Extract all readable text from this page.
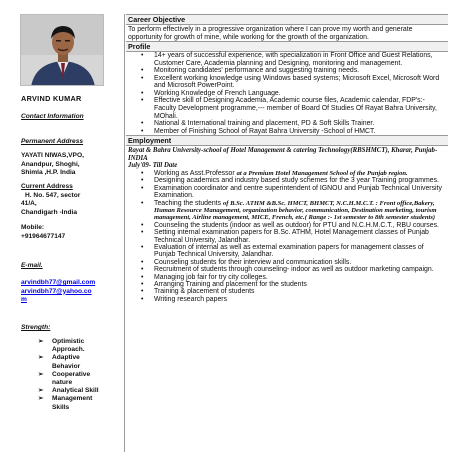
ARVIND KUMAR
Contact Information
Permanent Address
YAYATI NIWAS,VPO,
Anandpur, Shoghi,
Shimla ,H.P. India
Current Address
H. No. 547, sector
41/A,
Chandigarh -India
Mobile:
+91964677147
E-mail.
arvindbh77@gmail.com
arvindbh77@yahoo.co
m
Strength:
➢ Optimistic
Approach.
➢ Adaptive
Behavior
➢ Cooperative
nature
➢ Analytical Skill
➢ Management
Skills
Career Objective
To perform effectively in a progressive organization where I can prove my worth and generate opportunity for growth of mine, while working for the growth of the organization.
Profile
• 14+ years of successful experience, with specialization in Front Office and Guest Relations, Customer Care, Academia planning and Designing, monitoring and management.
• Monitoring candidates' performance and suggesting training needs.
• Excellent working knowledge using Windows based systems; Microsoft Excel, Microsoft Word and Microsoft PowerPoint.
• Working Knowledge of French Language.
• Effective skill of Designing Academia, Academic course files, Academic calendar, FDP's:- Faculty Development programme,--- member of Board Of Studies Of Rayat Bahra University, MOhali.
• National & International training and placement, PD & Soft Skills Trainer.
• Member of Finishing School of Rayat Bahra University -School of HMCT.
Employment
Rayat & Bahra University-school of Hotel Management & catering Technology(RBSHMCT), Kharar, Punjab-INDIA
July'09- Till Date
• Working as Asst.Professor at a Premium Hotel Management School of the Punjab region.
• Designing academics and industry based study schemes for the 3 year Training programmes.
• Examination coordinator and centre superintendent of IGNOU and Punjab Technical University Examination.
• Teaching the students of B.Sc. ATHM &B.Sc. HMCT, BHMCT, N.C.H.M.C.T. : Front office,Bakery, Human Resource Management, organization behavior, communication, Destination marketing, tourism management, Airline management, MICE, French, etc.( Range :- 1st semester to 8th semester students)
• Counseling the students (indoor as well as outdoor) for PTU and N.C.H.M.C.T., RBU courses.
• Setting internal examination papers for B.Sc. ATHM, Hotel Management classes of Punjab Technical University, Jalandhar.
• Evaluation of internal as well as external examination papers for management classes of Punjab Technical University, Jalandhar.
• Counseling students for their interview and communication skills.
• Recruitment of students through counseling- indoor as well as outdoor marketing campaign.
• Managing job fair for try city colleges.
• Arranging Training and placement for the students
• Training & placement of students
• Writing research papers
